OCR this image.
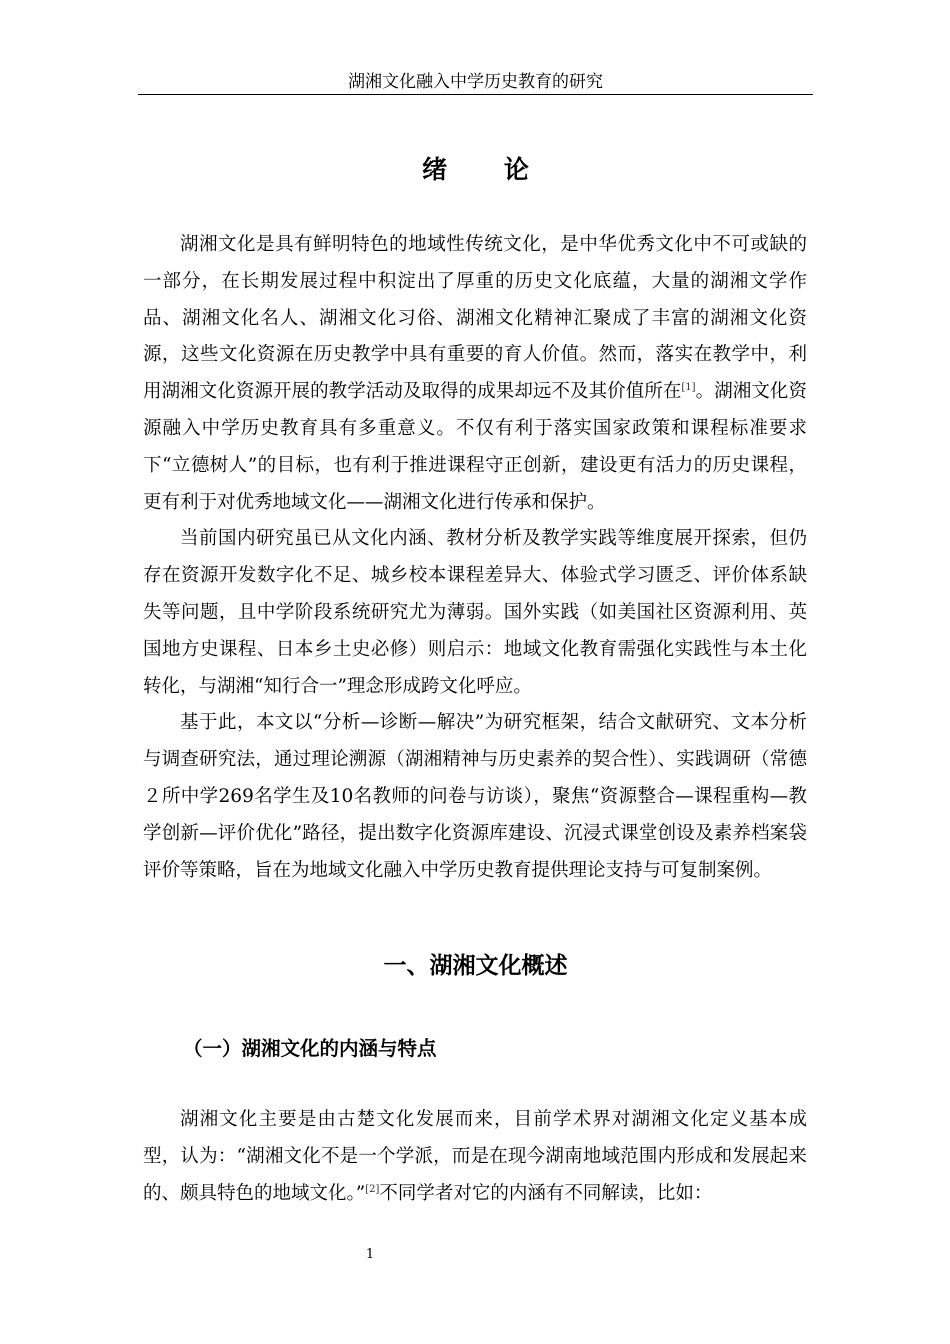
湖湘文化融入中学历史教育的研究
绪 论

湖湘文化是具有鲜明特色的地域性传统文化，是中华优秀文化中不可或缺的一部分，在长期发展过程中积淀出了厚重的历史文化底蕴，大量的湖湘文学作品、湖湘文化名人、湖湘文化习俗、湖湘文化精神汇聚成了丰富的湖湘文化资源，这些文化资源在历史教学中具有重要的育人价值。然而，落实在教学中，利用湖湘文化资源开展的教学活动及取得的成果却远不及其价值所在[1]。湖湘文化资源融入中学历史教育具有多重意义。不仅有利于落实国家政策和课程标准要求下“立德树人”的目标，也有利于推进课程守正创新，建设更有活力的历史课程，更有利于对优秀地域文化——湖湘文化进行传承和保护。

当前国内研究虽已从文化内涵、教材分析及教学实践等维度展开探索，但仍存在资源开发数字化不足、城乡校本课程差异大、体验式学习匮乏、评价体系缺失等问题，且中学阶段系统研究尤为薄弱。国外实践（如美国社区资源利用、英国地方史课程、日本乡土史必修）则启示：地域文化教育需强化实践性与本土化转化，与湖湘“知行合一”理念形成跨文化呼应。

基于此，本文以“分析—诊断—解决”为研究框架，结合文献研究、文本分析与调查研究法，通过理论溯源（湖湘精神与历史素养的契合性）、实践调研（常德２所中学269名学生及10名教师的问卷与访谈），聚焦“资源整合—课程重构—教学创新—评价优化”路径，提出数字化资源库建设、沉浸式课堂创设及素养档案袋评价等策略，旨在为地域文化融入中学历史教育提供理论支持与可复制案例。

一、湖湘文化概述
（一）湖湘文化的内涵与特点

湖湘文化主要是由古楚文化发展而来，目前学术界对湖湘文化定义基本成型，认为：“湖湘文化不是一个学派，而是在现今湖南地域范围内形成和发展起来的、颇具特色的地域文化。”[2]不同学者对它的内涵有不同解读，比如：

1
